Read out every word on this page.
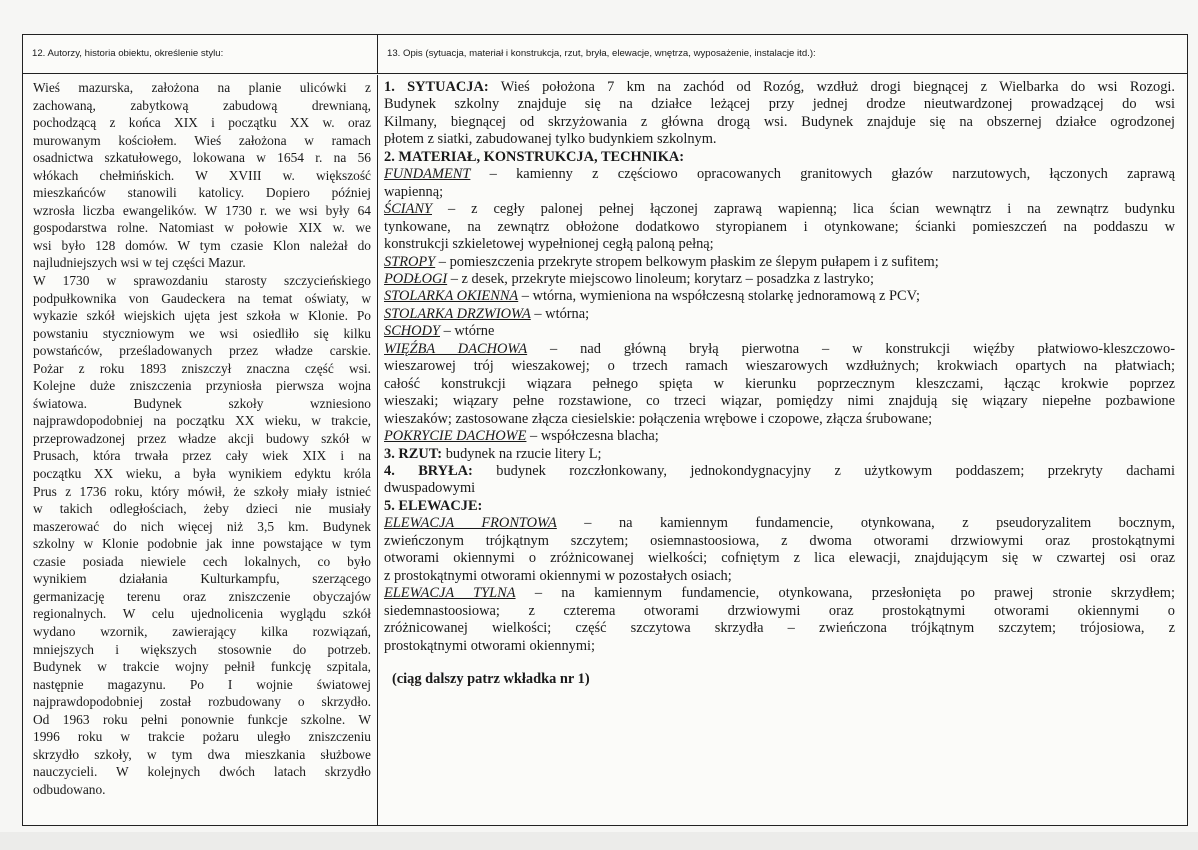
12. Autorzy, historia obiektu, określenie stylu:	13. Opis (sytuacja, materiał i konstrukcja, rzut, bryła, elewacje, wnętrza, wyposażenie, instalacje itd.):

Wieś mazurska, założona na planie ulicówki z

zachowaną, zabytkową zabudową drewnianą,

pochodzącą z końca XIX i początku XX w. oraz

murowanym kościołem. Wieś założona w ramach

osadnictwa szkatułowego, lokowana w 1654 r. na 56

włókach chełmińskich. W XVIII w. większość

mieszkańców stanowili katolicy. Dopiero później

wzrosła liczba ewangelików. W 1730 r. we wsi były 64

gospodarstwa rolne. Natomiast w połowie XIX w. we

wsi było 128 domów. W tym czasie Klon należał do

najludniejszych wsi w tej części Mazur.

W 1730 w sprawozdaniu starosty szczycieńskiego

podpułkownika von Gaudeckera na temat oświaty, w

wykazie szkół wiejskich ujęta jest szkoła w Klonie. Po

powstaniu styczniowym we wsi osiedliło się kilku

powstańców, prześladowanych przez władze carskie.

Pożar z roku 1893 zniszczył znaczna część wsi.

Kolejne duże zniszczenia przyniosła pierwsza wojna

światowa. Budynek szkoły wzniesiono

najprawdopodobniej na początku XX wieku, w trakcie,

przeprowadzonej przez władze akcji budowy szkół w

Prusach, która trwała przez cały wiek XIX i na

początku XX wieku, a była wynikiem edyktu króla

Prus z 1736 roku, który mówił, że szkoły miały istnieć

w takich odległościach, żeby dzieci nie musiały

maszerować do nich więcej niż 3,5 km. Budynek

szkolny w Klonie podobnie jak inne powstające w tym

czasie posiada niewiele cech lokalnych, co było

wynikiem działania Kulturkampfu, szerzącego

germanizację terenu oraz zniszczenie obyczajów

regionalnych. W celu ujednolicenia wyglądu szkół

wydano wzornik, zawierający kilka rozwiązań,

mniejszych i większych stosownie do potrzeb.

Budynek w trakcie wojny pełnił funkcję szpitala,

następnie magazynu. Po I wojnie światowej

najprawdopodobniej został rozbudowany o skrzydło.

Od 1963 roku pełni ponownie funkcje szkolne. W

1996 roku w trakcie pożaru uległo zniszczeniu

skrzydło szkoły, w tym dwa mieszkania służbowe

nauczycieli. W kolejnych dwóch latach skrzydło

odbudowano.

1. SYTUACJA: Wieś położona 7 km na zachód od Rozóg, wzdłuż drogi biegnącej z Wielbarka do wsi Rozogi.

Budynek szkolny znajduje się na działce leżącej przy jednej drodze nieutwardzonej prowadzącej do wsi

Kilmany, biegnącej od skrzyżowania z główna drogą wsi. Budynek znajduje się na obszernej działce ogrodzonej

płotem z siatki, zabudowanej tylko budynkiem szkolnym.

2. MATERIAŁ, KONSTRUKCJA, TECHNIKA:

FUNDAMENT – kamienny z częściowo opracowanych granitowych głazów narzutowych, łączonych zaprawą

wapienną;

ŚCIANY – z cegły palonej pełnej łączonej zaprawą wapienną; lica ścian wewnątrz i na zewnątrz budynku

tynkowane, na zewnątrz obłożone dodatkowo styropianem i otynkowane; ścianki pomieszczeń na poddaszu w

konstrukcji szkieletowej wypełnionej cegłą paloną pełną;

STROPY – pomieszczenia przekryte stropem belkowym płaskim ze ślepym pułapem i z sufitem;

PODŁOGI – z desek, przekryte miejscowo linoleum; korytarz – posadzka z lastryko;

STOLARKA OKIENNA – wtórna, wymieniona na współczesną stolarkę jednoramową z PCV;

STOLARKA DRZWIOWA – wtórna;

SCHODY – wtórne

WIĘŹBA DACHOWA – nad główną bryłą pierwotna – w konstrukcji więźby płatwiowo-kleszczowo-

wieszarowej trój wieszakowej; o trzech ramach wieszarowych wzdłużnych; krokwiach opartych na płatwiach;

całość konstrukcji wiązara pełnego spięta w kierunku poprzecznym kleszczami, łącząc krokwie poprzez

wieszaki; wiązary pełne rozstawione, co trzeci wiązar, pomiędzy nimi znajdują się wiązary niepełne pozbawione

wieszaków; zastosowane złącza ciesielskie: połączenia wrębowe i czopowe, złącza śrubowane;

POKRYCIE DACHOWE – współczesna blacha;

3. RZUT: budynek na rzucie litery L;

4. BRYŁA: budynek rozczłonkowany, jednokondygnacyjny z użytkowym poddaszem; przekryty dachami

dwuspadowymi

5. ELEWACJE:

ELEWACJA FRONTOWA – na kamiennym fundamencie, otynkowana, z pseudoryzalitem bocznym,

zwieńczonym trójkątnym szczytem; osiemnastoosiowa, z dwoma otworami drzwiowymi oraz prostokątnymi

otworami okiennymi o zróżnicowanej wielkości; cofniętym z lica elewacji, znajdującym się w czwartej osi oraz

z prostokątnymi otworami okiennymi w pozostałych osiach;

ELEWACJA TYLNA – na kamiennym fundamencie, otynkowana, przesłonięta po prawej stronie skrzydłem;

siedemnastoosiowa; z czterema otworami drzwiowymi oraz prostokątnymi otworami okiennymi o

zróżnicowanej wielkości; część szczytowa skrzydła – zwieńczona trójkątnym szczytem; trójosiowa, z

prostokątnymi otworami okiennymi;

(ciąg dalszy patrz wkładka nr 1)
